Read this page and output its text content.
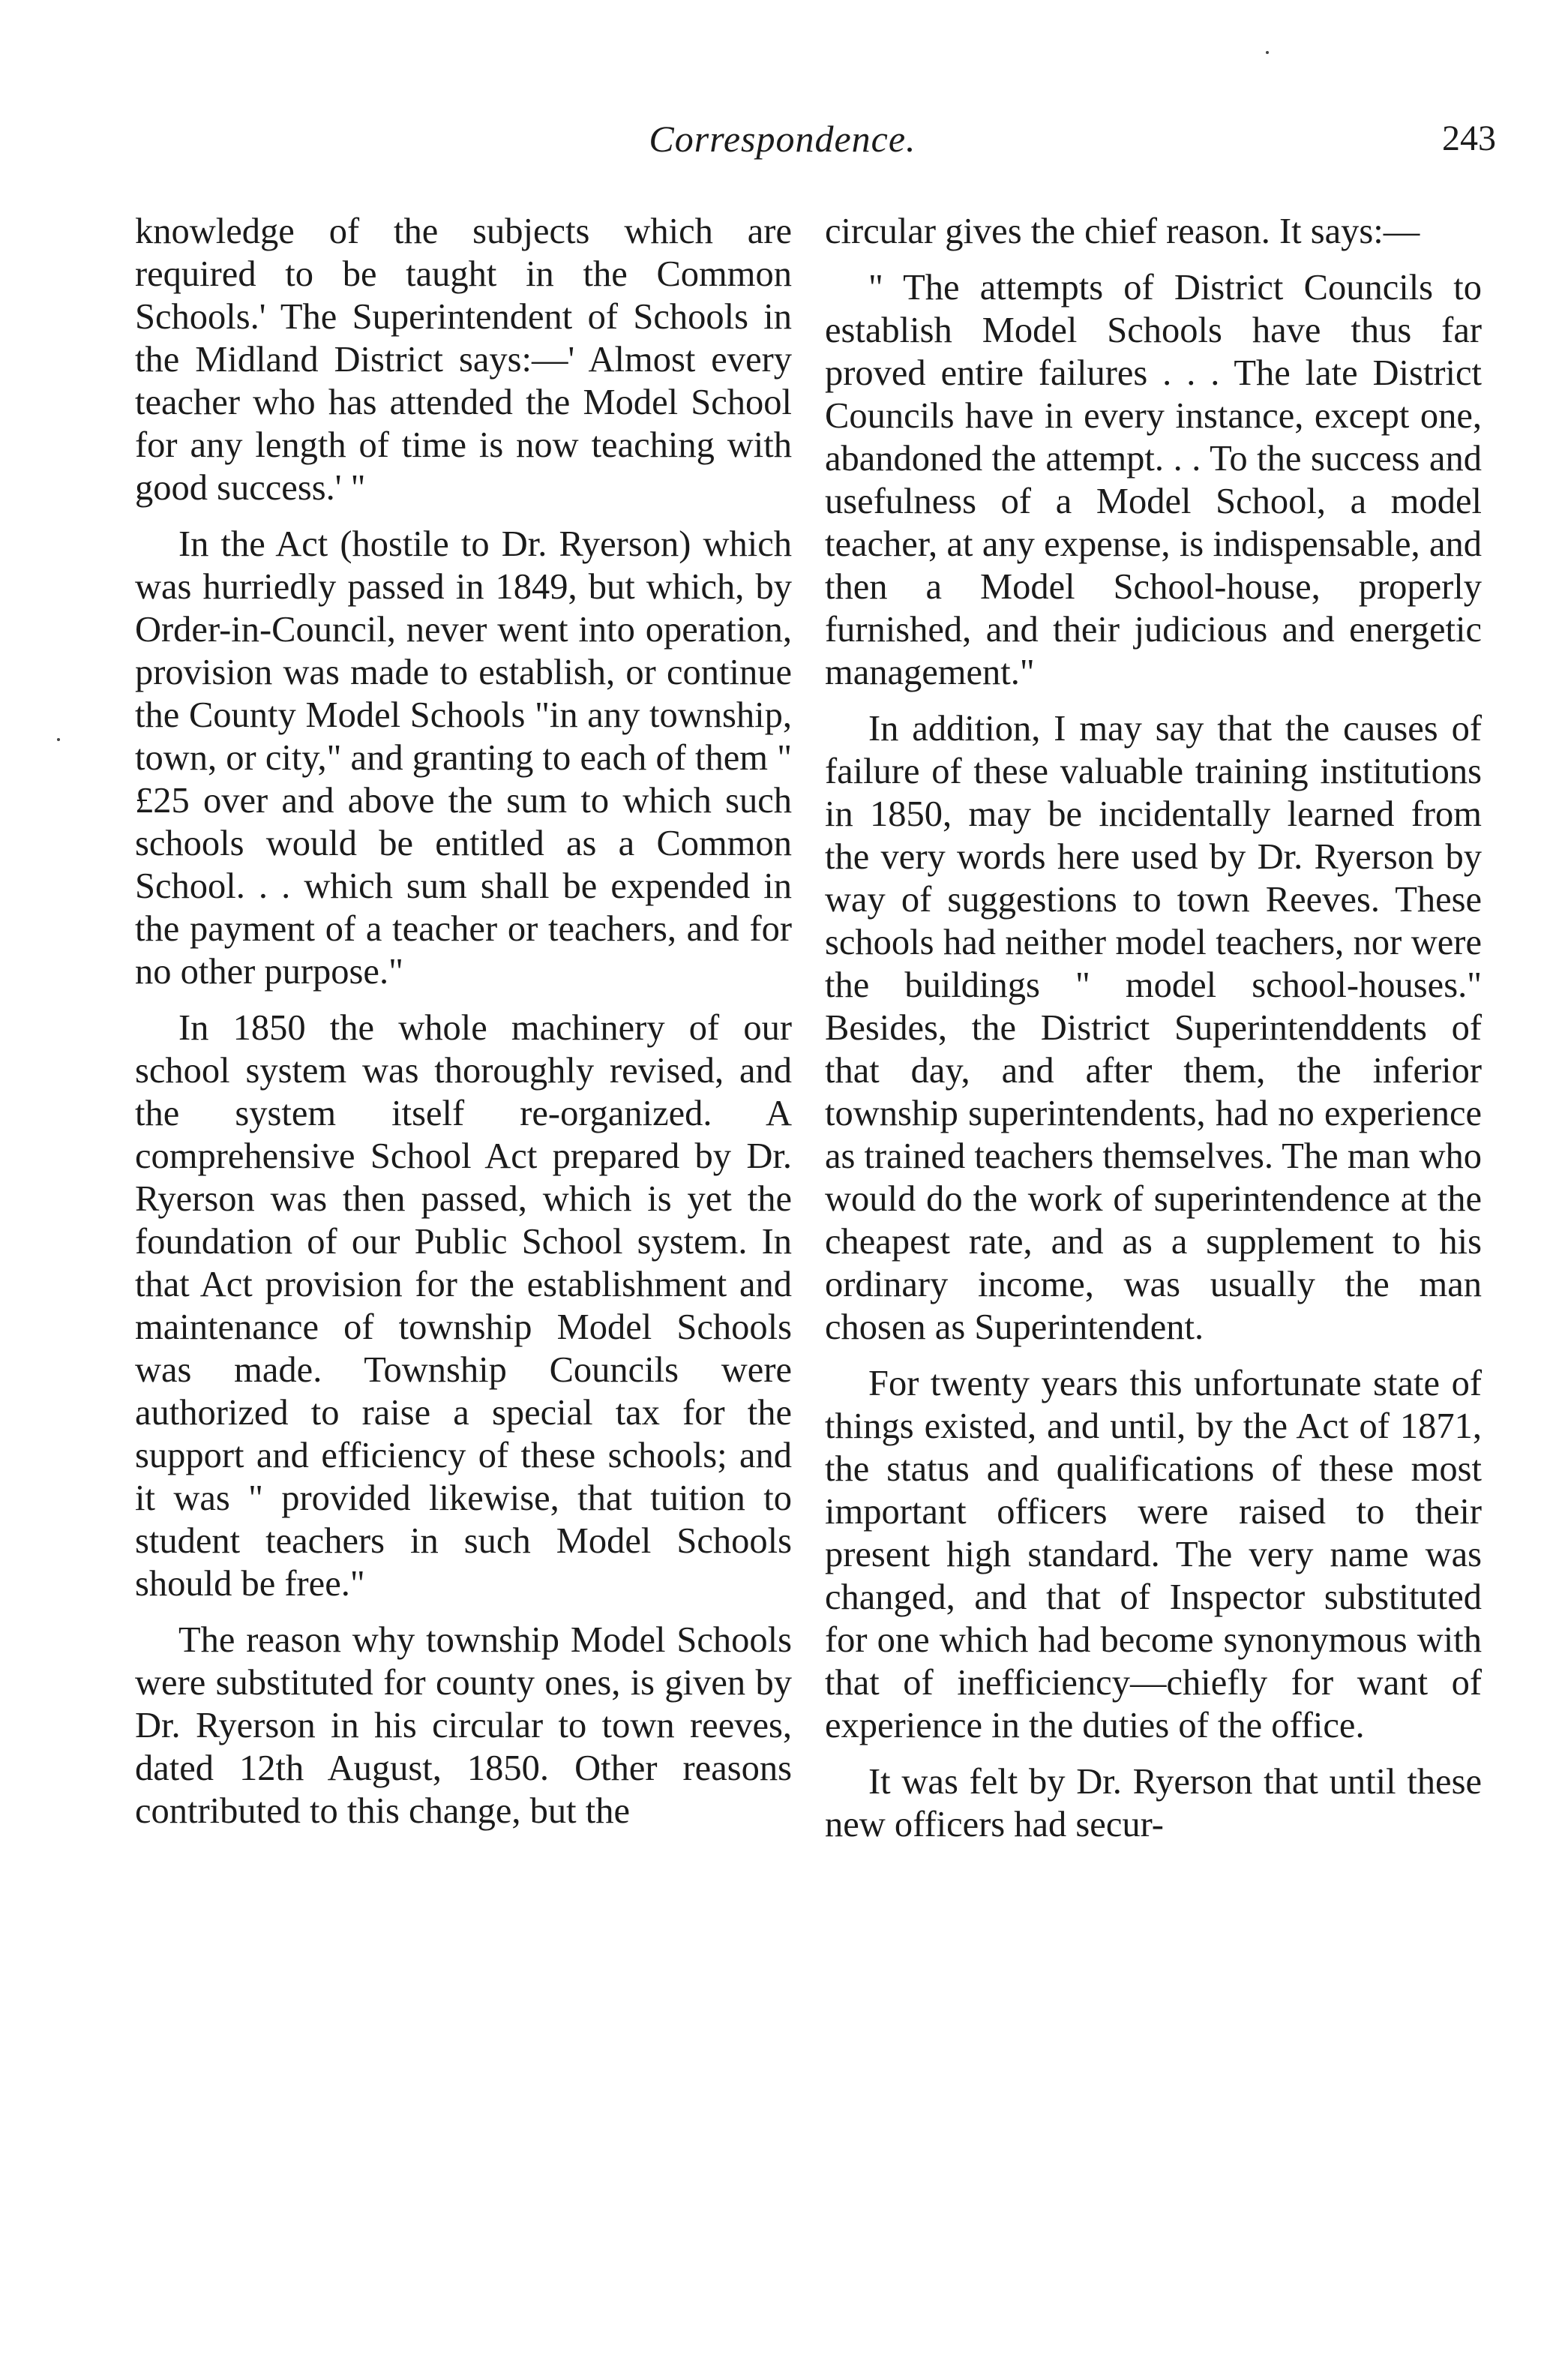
Correspondence.	243

knowledge of the subjects which are required to be taught in the Common Schools.' The Superintendent of Schools in the Midland District says:—' Almost every teacher who has attended the Model School for any length of time is now teaching with good success.' "

In the Act (hostile to Dr. Ryerson) which was hurriedly passed in 1849, but which, by Order-in-Council, never went into operation, provision was made to establish, or continue the County Model Schools "in any township, town, or city," and granting to each of them " £25 over and above the sum to which such schools would be entitled as a Common School. . . which sum shall be expended in the payment of a teacher or teachers, and for no other purpose."

In 1850 the whole machinery of our school system was thoroughly revised, and the system itself re-organized. A comprehensive School Act prepared by Dr. Ryerson was then passed, which is yet the foundation of our Public School system. In that Act provision for the establishment and maintenance of township Model Schools was made. Township Councils were authorized to raise a special tax for the support and efficiency of these schools; and it was " provided likewise, that tuition to student teachers in such Model Schools should be free."

The reason why township Model Schools were substituted for county ones, is given by Dr. Ryerson in his circular to town reeves, dated 12th August, 1850. Other reasons contributed to this change, but the

circular gives the chief reason. It says:—

" The attempts of District Councils to establish Model Schools have thus far proved entire failures . . . The late District Councils have in every instance, except one, abandoned the attempt. . . To the success and usefulness of a Model School, a model teacher, at any expense, is indispensable, and then a Model School-house, properly furnished, and their judicious and energetic management."

In addition, I may say that the causes of failure of these valuable training institutions in 1850, may be incidentally learned from the very words here used by Dr. Ryerson by way of suggestions to town Reeves. These schools had neither model teachers, nor were the buildings " model school-houses." Besides, the District Superintenddents of that day, and after them, the inferior township superintendents, had no experience as trained teachers themselves. The man who would do the work of superintendence at the cheapest rate, and as a supplement to his ordinary income, was usually the man chosen as Superintendent.

For twenty years this unfortunate state of things existed, and until, by the Act of 1871, the status and qualifications of these most important officers were raised to their present high standard. The very name was changed, and that of Inspector substituted for one which had become synonymous with that of inefficiency—chiefly for want of experience in the duties of the office.

It was felt by Dr. Ryerson that until these new officers had secur-
